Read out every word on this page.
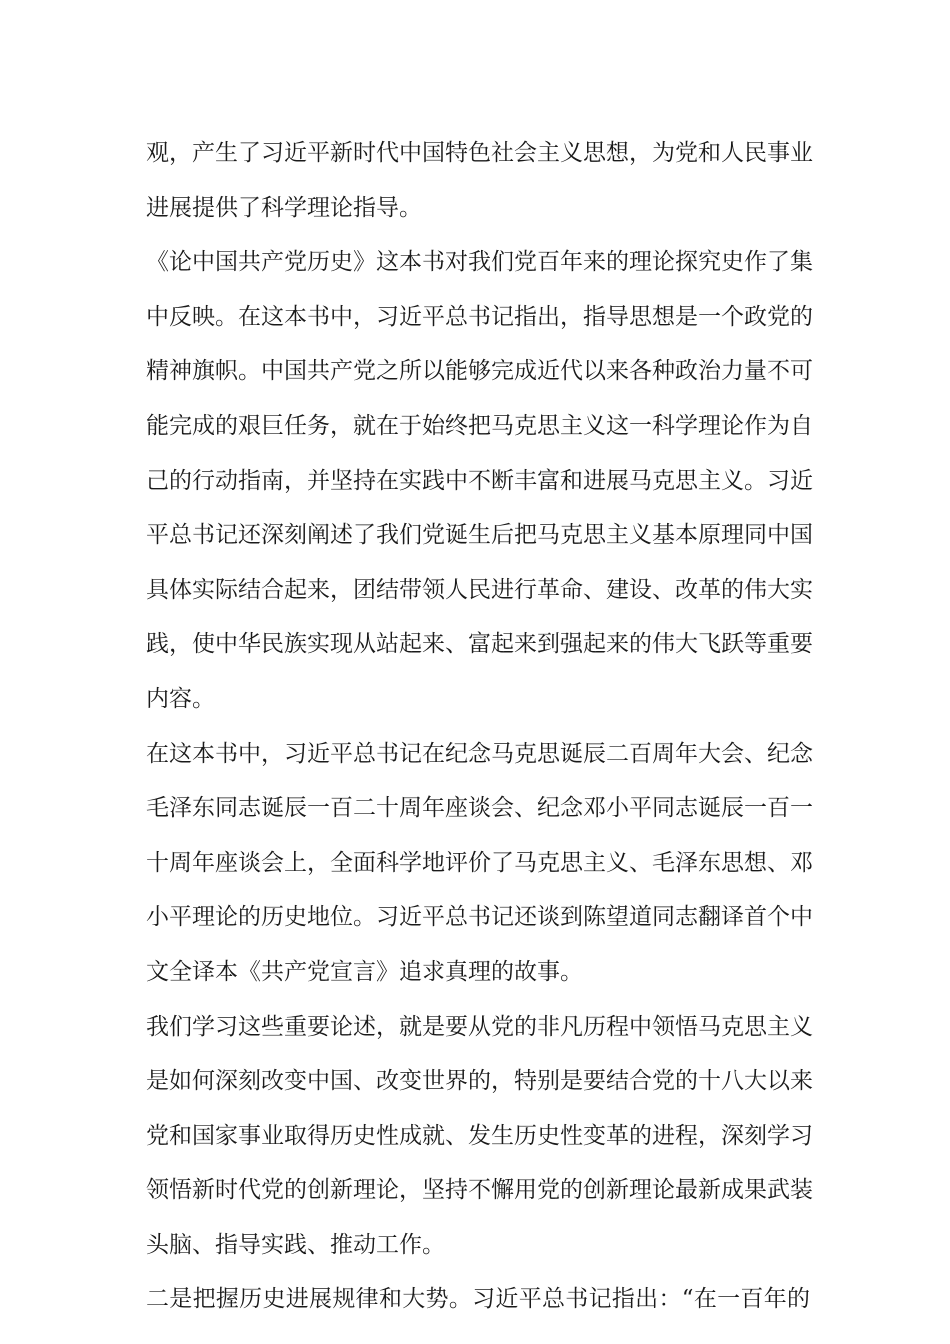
观，产生了习近平新时代中国特色社会主义思想，为党和人民事业
进展提供了科学理论指导。
《论中国共产党历史》这本书对我们党百年来的理论探究史作了集
中反映。在这本书中，习近平总书记指出，指导思想是一个政党的
精神旗帜。中国共产党之所以能够完成近代以来各种政治力量不可
能完成的艰巨任务，就在于始终把马克思主义这一科学理论作为自
己的行动指南，并坚持在实践中不断丰富和进展马克思主义。习近
平总书记还深刻阐述了我们党诞生后把马克思主义基本原理同中国
具体实际结合起来，团结带领人民进行革命、建设、改革的伟大实
践，使中华民族实现从站起来、富起来到强起来的伟大飞跃等重要
内容。
在这本书中，习近平总书记在纪念马克思诞辰二百周年大会、纪念
毛泽东同志诞辰一百二十周年座谈会、纪念邓小平同志诞辰一百一
十周年座谈会上，全面科学地评价了马克思主义、毛泽东思想、邓
小平理论的历史地位。习近平总书记还谈到陈望道同志翻译首个中
文全译本《共产党宣言》追求真理的故事。
我们学习这些重要论述，就是要从党的非凡历程中领悟马克思主义
是如何深刻改变中国、改变世界的，特别是要结合党的十八大以来
党和国家事业取得历史性成就、发生历史性变革的进程，深刻学习
领悟新时代党的创新理论，坚持不懈用党的创新理论最新成果武装
头脑、指导实践、推动工作。
二是把握历史进展规律和大势。习近平总书记指出：“在一百年的
